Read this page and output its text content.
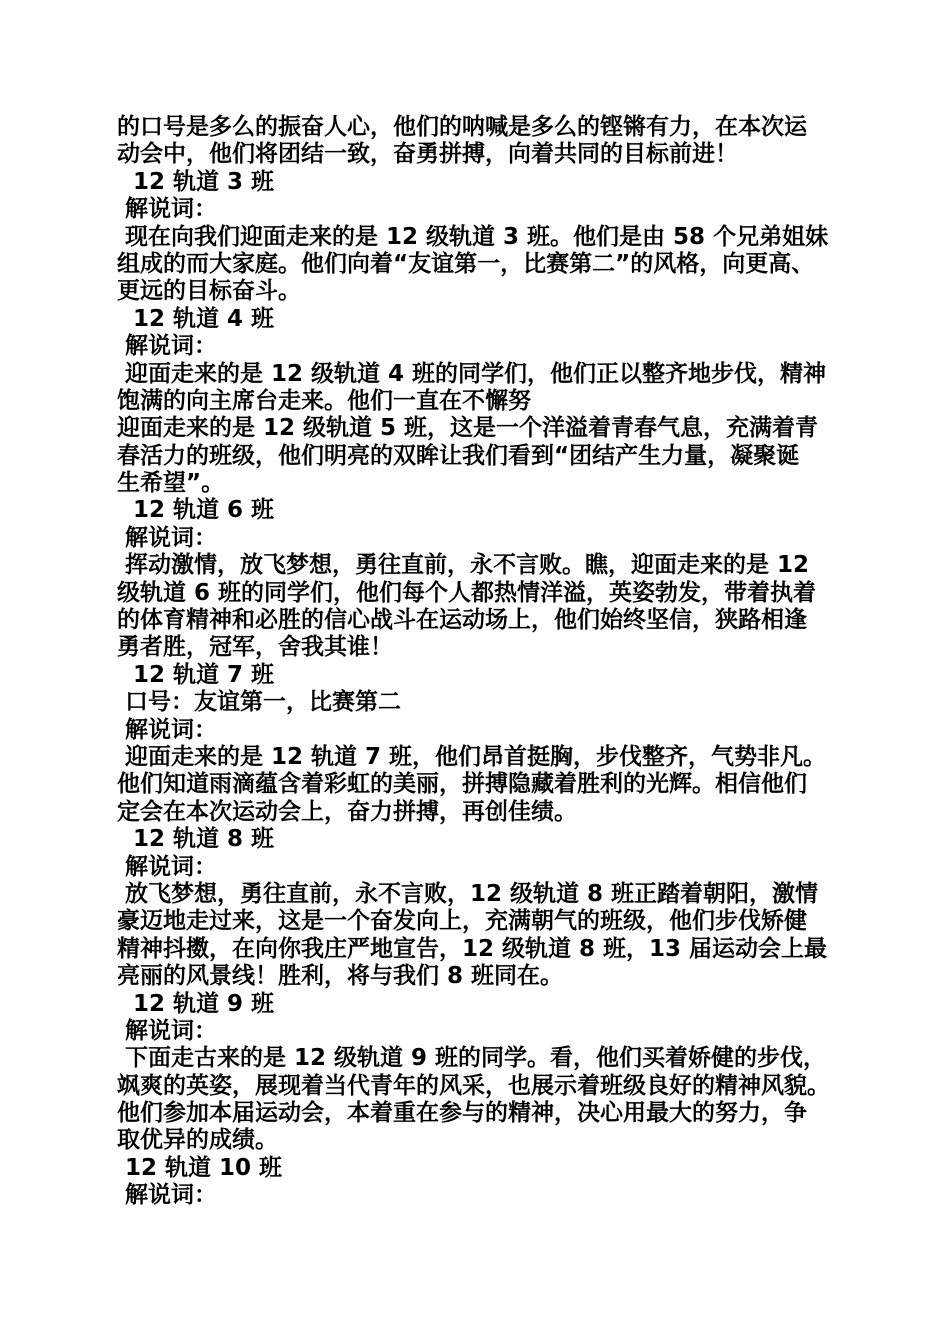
的口号是多么的振奋人心，他们的呐喊是多么的铿锵有力，在本次运
动会中，他们将团结一致，奋勇拼搏，向着共同的目标前进！
12 轨道 3 班
解说词：
现在向我们迎面走来的是 12 级轨道 3 班。他们是由 58 个兄弟姐妹
组成的而大家庭。他们向着“友谊第一，比赛第二”的风格，向更高、
更远的目标奋斗。
12 轨道 4 班
解说词：
迎面走来的是 12 级轨道 4 班的同学们，他们正以整齐地步伐，精神
饱满的向主席台走来。他们一直在不懈努
迎面走来的是 12 级轨道 5 班，这是一个洋溢着青春气息，充满着青
春活力的班级，他们明亮的双眸让我们看到“团结产生力量，凝聚诞
生希望”。
12 轨道 6 班
解说词：
挥动激情，放飞梦想，勇往直前，永不言败。瞧，迎面走来的是 12
级轨道 6 班的同学们，他们每个人都热情洋溢，英姿勃发，带着执着
的体育精神和必胜的信心战斗在运动场上，他们始终坚信，狭路相逢
勇者胜，冠军，舍我其谁！
12 轨道 7 班
口号：友谊第一，比赛第二
解说词：
迎面走来的是 12 轨道 7 班，他们昂首挺胸，步伐整齐，气势非凡。
他们知道雨滴蕴含着彩虹的美丽，拼搏隐藏着胜利的光辉。相信他们
定会在本次运动会上，奋力拼搏，再创佳绩。
12 轨道 8 班
解说词：
放飞梦想，勇往直前，永不言败，12 级轨道 8 班正踏着朝阳，激情
豪迈地走过来，这是一个奋发向上，充满朝气的班级，他们步伐矫健
精神抖擞，在向你我庄严地宣告，12 级轨道 8 班，13 届运动会上最
亮丽的风景线！胜利，将与我们 8 班同在。
12 轨道 9 班
解说词：
下面走古来的是 12 级轨道 9 班的同学。看，他们买着娇健的步伐，
飒爽的英姿，展现着当代青年的风采，也展示着班级良好的精神风貌。
他们参加本届运动会，本着重在参与的精神，决心用最大的努力，争
取优异的成绩。
12 轨道 10 班
解说词：
